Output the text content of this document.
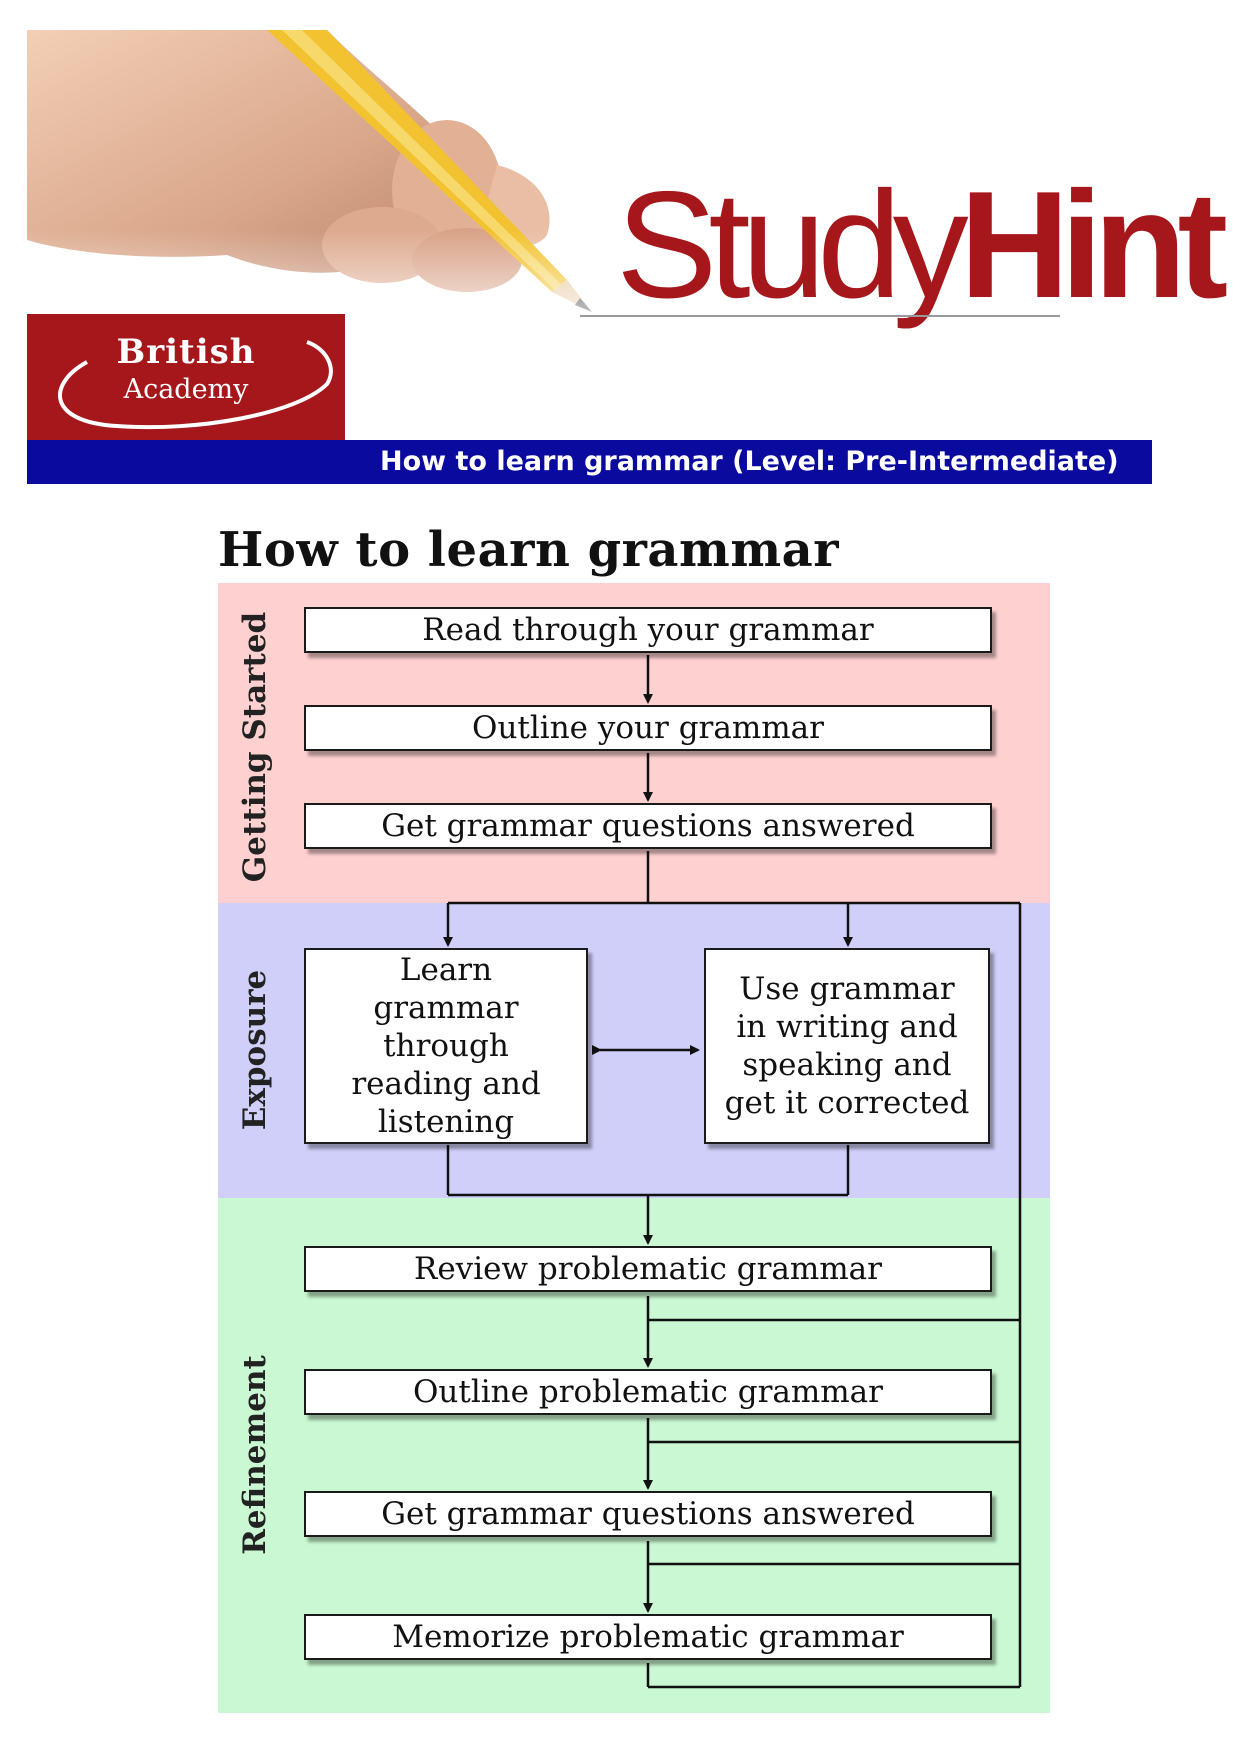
StudyHint
British
Academy
How to learn grammar (Level: Pre-Intermediate)
How to learn grammar
Getting Started
Exposure
Refinement
Read through your grammar
Outline your grammar
Get grammar questions answered
Learn grammar through reading and listening
Use grammar in writing and speaking and get it corrected
Review problematic grammar
Outline problematic grammar
Get grammar questions answered
Memorize problematic grammar
